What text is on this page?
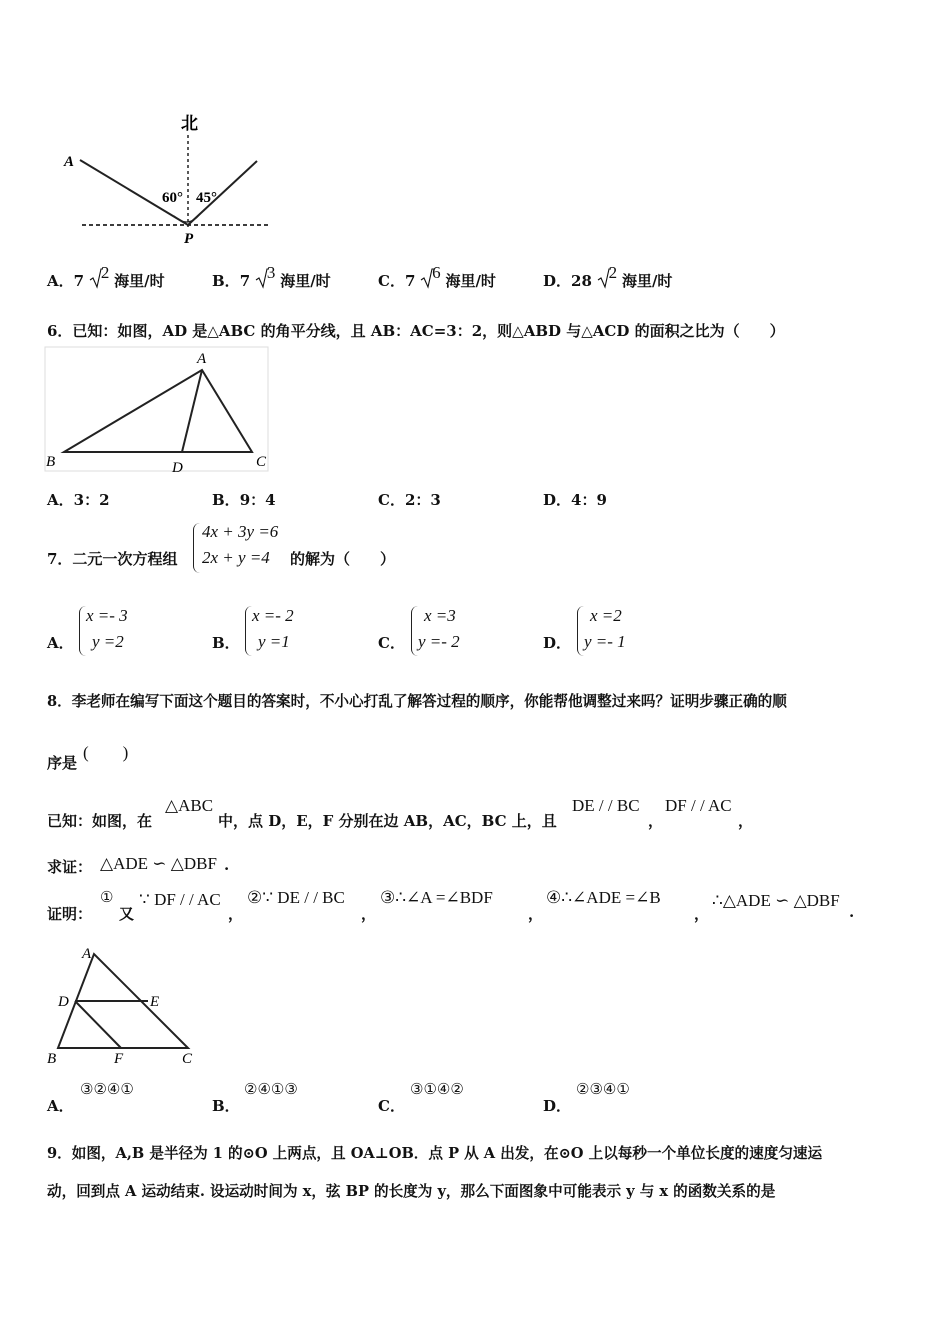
北
A
60° 45°
P
A．7 2 海里/时	B．7 3 海里/时	C．7 6 海里/时	D．28 2 海里/时
6．已知：如图，AD 是△ABC 的角平分线，且 AB：AC=3：2，则△ABD 与△ACD 的面积之比为（　　）
A
B	D	C
A．3：2	B．9：4	C．2：3	D．4：9
7．二元一次方程组
4x + 3y =6
2x + y =4	的解为（　　）
A．
x =- 3
y =2	B．
x =- 2
y =1	C．
x =3
y =- 2	D．
x =2
y =- 1
8．李老师在编写下面这个题目的答案时，不小心打乱了解答过程的顺序，你能帮他调整过来吗？证明步骤正确的顺
序是
(　　)
已知：如图，在
△ABC
中，点 D，E，F 分别在边 AB，AC，BC 上，且
DE / / BC
，
DF / / AC
，
求证： △ADE ∽ △DBF .
证明：
①
又
∵ DF / / AC
，
②∵ DE / / BC
，
③∴∠A =∠BDF
，
④∴∠ADE =∠B
，
∴△ADE ∽ △DBF
.
A
D	E
B	F	C
A．
③②④①
B．
②④①③
C．
③①④②
D．
②③④①
9．如图，A,B 是半径为 1 的⊙O 上两点，且 OA⊥OB．点 P 从 A 出发，在⊙O 上以每秒一个单位长度的速度匀速运
动，回到点 A 运动结束. 设运动时间为 x，弦 BP 的长度为 y，那么下面图象中可能表示 y 与 x 的函数关系的是
